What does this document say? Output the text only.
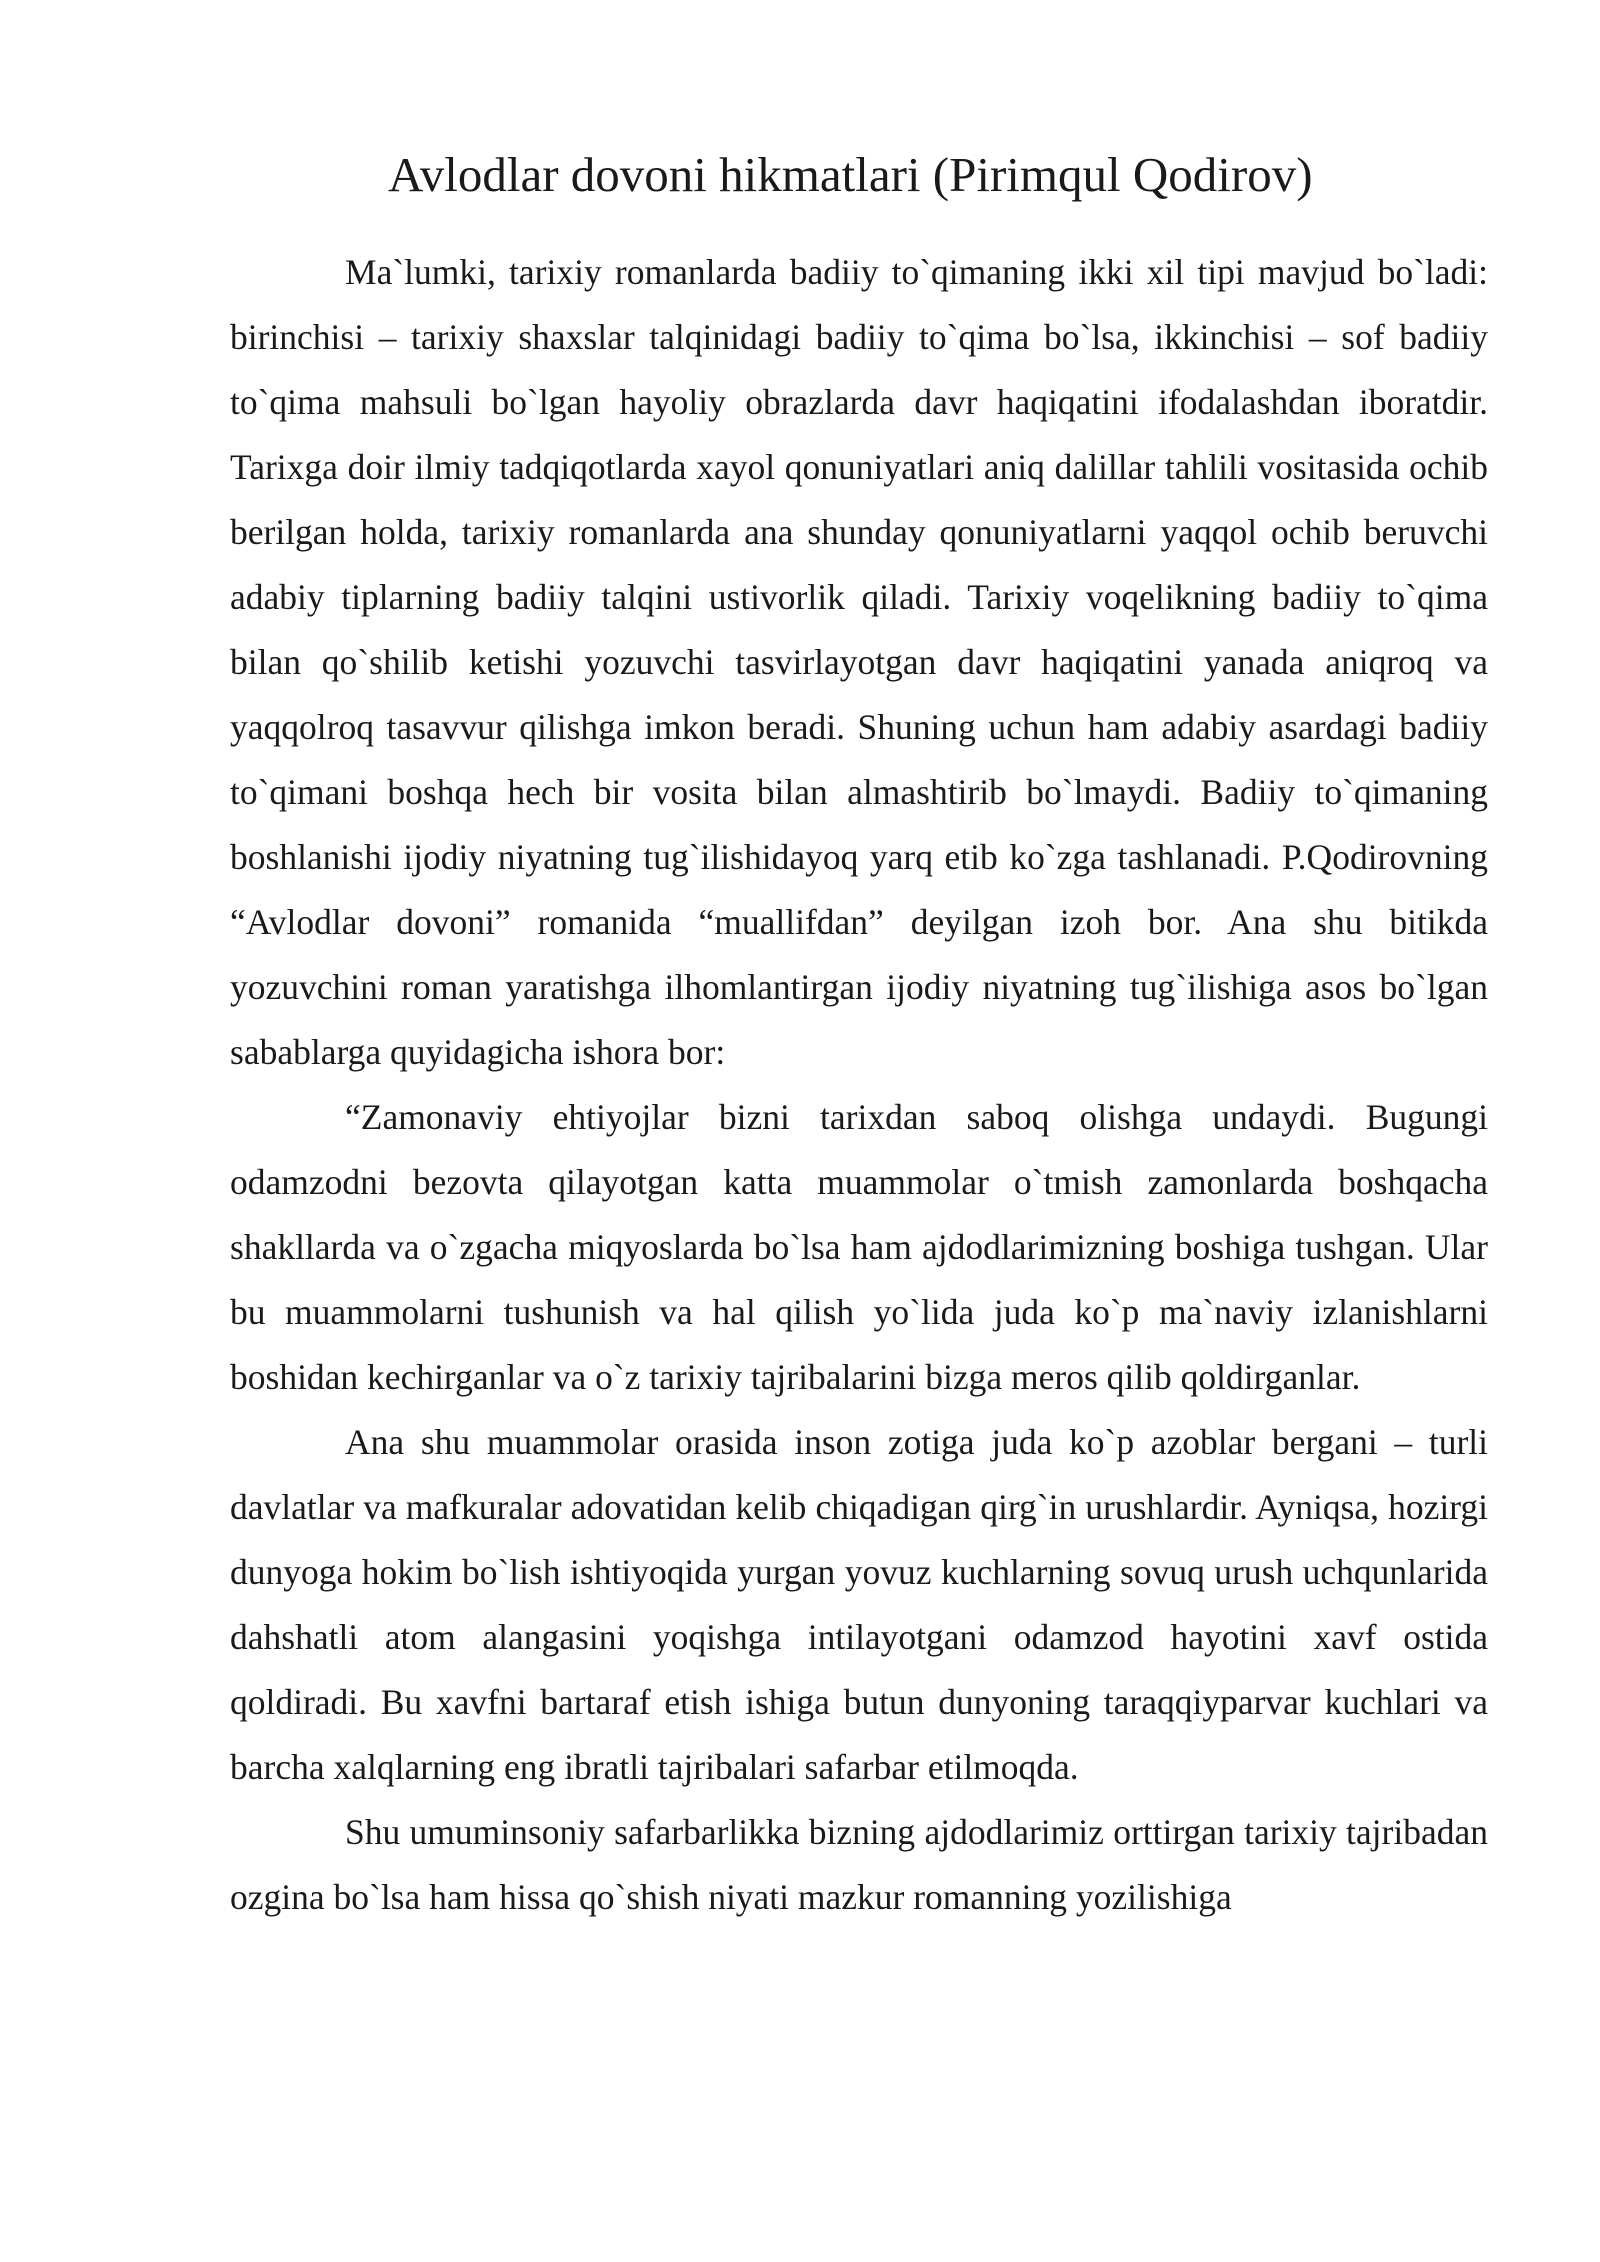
Avlodlar dovoni hikmatlari (Pirimqul Qodirov)

Ma`lumki, tarixiy romanlarda badiiy to`qimaning ikki xil tipi mavjud bo`ladi: birinchisi – tarixiy shaxslar talqinidagi badiiy to`qima bo`lsa, ikkinchisi – sof badiiy to`qima mahsuli bo`lgan hayoliy obrazlarda davr haqiqatini ifodalashdan iboratdir. Tarixga doir ilmiy tadqiqotlarda xayol qonuniyatlari aniq dalillar tahlili vositasida ochib berilgan holda, tarixiy romanlarda ana shunday qonuniyatlarni yaqqol ochib beruvchi adabiy tiplarning badiiy talqini ustivorlik qiladi. Tarixiy voqelikning badiiy to`qima bilan qo`shilib ketishi yozuvchi tasvirlayotgan davr haqiqatini yanada aniqroq va yaqqolroq tasavvur qilishga imkon beradi. Shuning uchun ham adabiy asardagi badiiy to`qimani boshqa hech bir vosita bilan almashtirib bo`lmaydi. Badiiy to`qimaning boshlanishi ijodiy niyatning tug`ilishidayoq yarq etib ko`zga tashlanadi. P.Qodirovning “Avlodlar dovoni” romanida “muallifdan” deyilgan izoh bor. Ana shu bitikda yozuvchini roman yaratishga ilhomlantirgan ijodiy niyatning tug`ilishiga asos bo`lgan sabablarga quyidagicha ishora bor:

“Zamonaviy ehtiyojlar bizni tarixdan saboq olishga undaydi. Bugungi odamzodni bezovta qilayotgan katta muammolar o`tmish zamonlarda boshqacha shakllarda va o`zgacha miqyoslarda bo`lsa ham ajdodlarimizning boshiga tushgan. Ular bu muammolarni tushunish va hal qilish yo`lida juda ko`p ma`naviy izlanishlarni boshidan kechirganlar va o`z tarixiy tajribalarini bizga meros qilib qoldirganlar.

Ana shu muammolar orasida inson zotiga juda ko`p azoblar bergani – turli davlatlar va mafkuralar adovatidan kelib chiqadigan qirg`in urushlardir. Ayniqsa, hozirgi dunyoga hokim bo`lish ishtiyoqida yurgan yovuz kuchlarning sovuq urush uchqunlarida dahshatli atom alangasini yoqishga intilayotgani odamzod hayotini xavf ostida qoldiradi. Bu xavfni bartaraf etish ishiga butun dunyoning taraqqiyparvar kuchlari va barcha xalqlarning eng ibratli tajribalari safarbar etilmoqda.

Shu umuminsoniy safarbarlikka bizning ajdodlarimiz orttirgan tarixiy tajribadan ozgina bo`lsa ham hissa qo`shish niyati mazkur romanning yozilishiga
